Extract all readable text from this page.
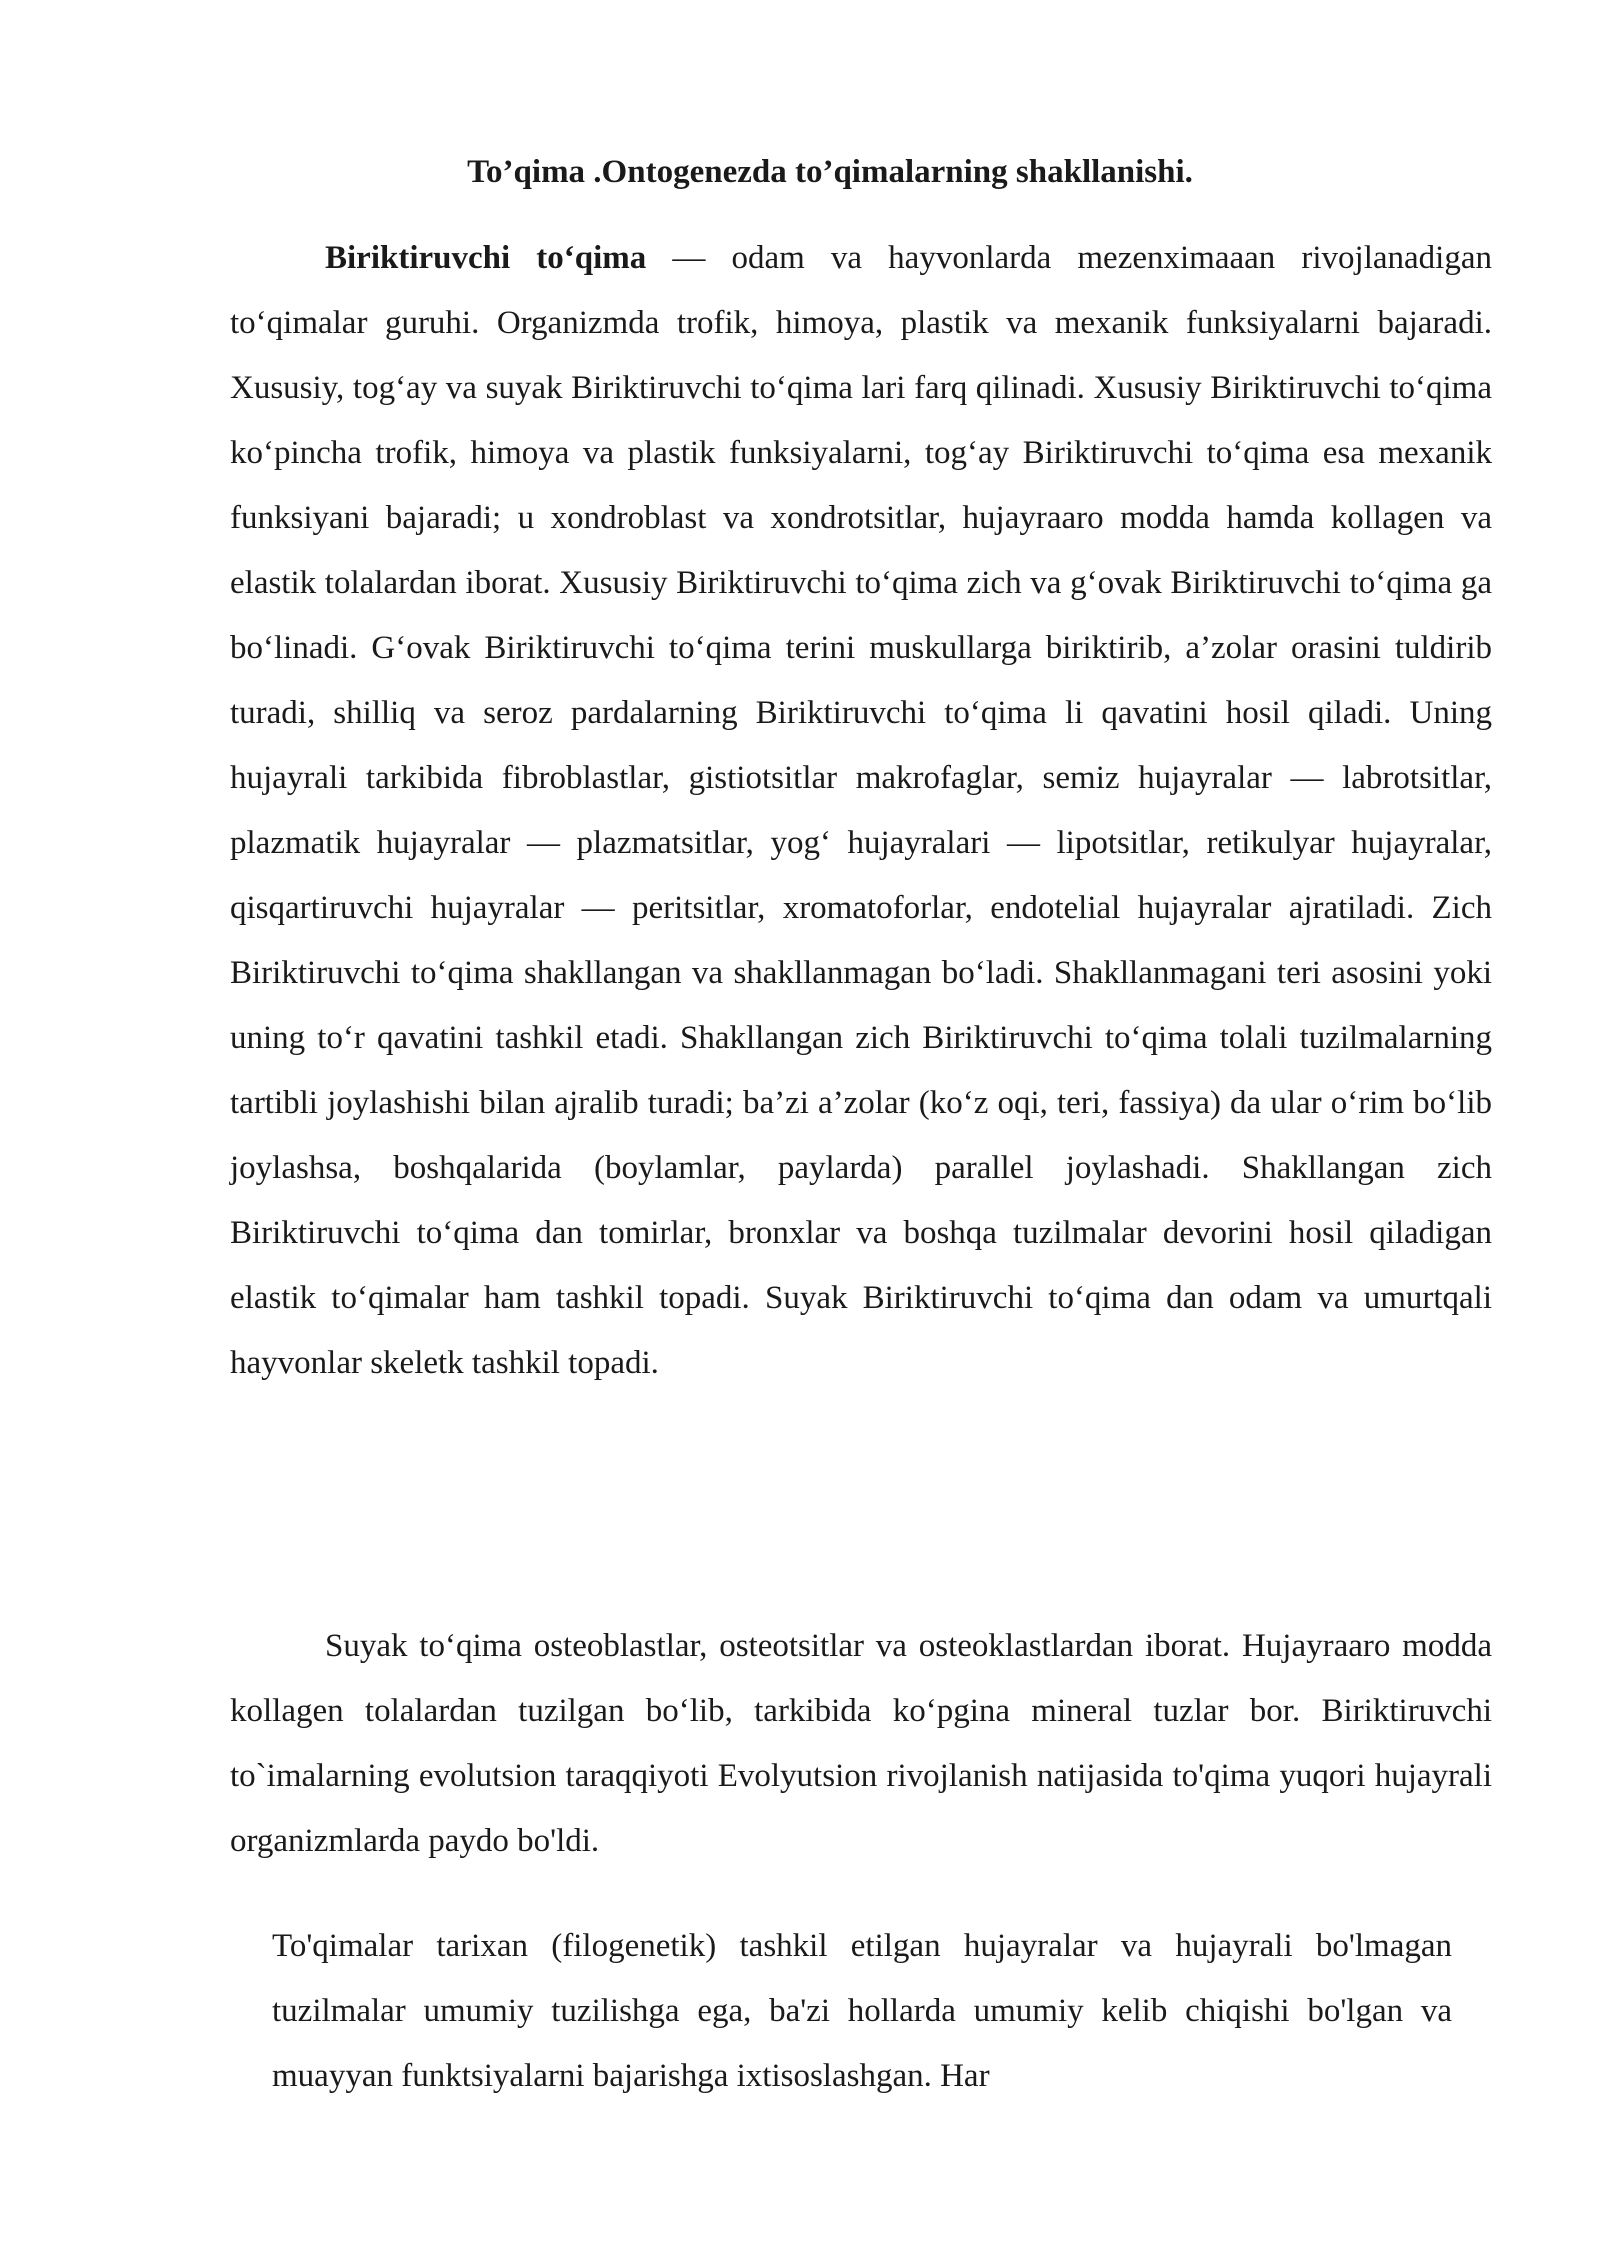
To’qima .Ontogenezda to’qimalarning shakllanishi.

Biriktiruvchi to‘qima — odam va hayvonlarda mezenximaaan rivojlanadigan to‘qimalar guruhi. Organizmda trofik, himoya, plastik va mexanik funksiyalarni bajaradi. Xususiy, tog‘ay va suyak Biriktiruvchi to‘qima lari farq qilinadi. Xususiy Biriktiruvchi to‘qima ko‘pincha trofik, himoya va plastik funksiyalarni, tog‘ay Biriktiruvchi to‘qima esa mexanik funksiyani bajaradi; u xondroblast va xondrotsitlar, hujayraaro modda hamda kollagen va elastik tolalardan iborat. Xususiy Biriktiruvchi to‘qima zich va g‘ovak Biriktiruvchi to‘qima ga bo‘linadi. G‘ovak Biriktiruvchi to‘qima terini muskullarga biriktirib, a’zolar orasini tuldirib turadi, shilliq va seroz pardalarning Biriktiruvchi to‘qima li qavatini hosil qiladi. Uning hujayrali tarkibida fibroblastlar, gistiotsitlar makrofaglar, semiz hujayralar — labrotsitlar, plazmatik hujayralar — plazmatsitlar, yog‘ hujayralari — lipotsitlar, retikulyar hujayralar, qisqartiruvchi hujayralar — peritsitlar, xromatoforlar, endotelial hujayralar ajratiladi. Zich Biriktiruvchi to‘qima shakllangan va shakllanmagan bo‘ladi. Shakllanmagani teri asosini yoki uning to‘r qavatini tashkil etadi. Shakllangan zich Biriktiruvchi to‘qima tolali tuzilmalarning tartibli joylashishi bilan ajralib turadi; ba’zi a’zolar (ko‘z oqi, teri, fassiya) da ular o‘rim bo‘lib joylashsa, boshqalarida (boylamlar, paylarda) parallel joylashadi. Shakllangan zich Biriktiruvchi to‘qima dan tomirlar, bronxlar va boshqa tuzilmalar devorini hosil qiladigan elastik to‘qimalar ham tashkil topadi. Suyak Biriktiruvchi to‘qima dan odam va umurtqali hayvonlar skeletk tashkil topadi.

Suyak to‘qima osteoblastlar, osteotsitlar va osteoklastlardan iborat. Hujayraaro modda kollagen tolalardan tuzilgan bo‘lib, tarkibida ko‘pgina mineral tuzlar bor. Biriktiruvchi to`imalarning evolutsion taraqqiyoti Evolyutsion rivojlanish natijasida to'qima yuqori hujayrali organizmlarda paydo bo'ldi.

To'qimalar tarixan (filogenetik) tashkil etilgan hujayralar va hujayrali bo'lmagan tuzilmalar umumiy tuzilishga ega, ba'zi hollarda umumiy kelib chiqishi bo'lgan va muayyan funktsiyalarni bajarishga ixtisoslashgan. Har
